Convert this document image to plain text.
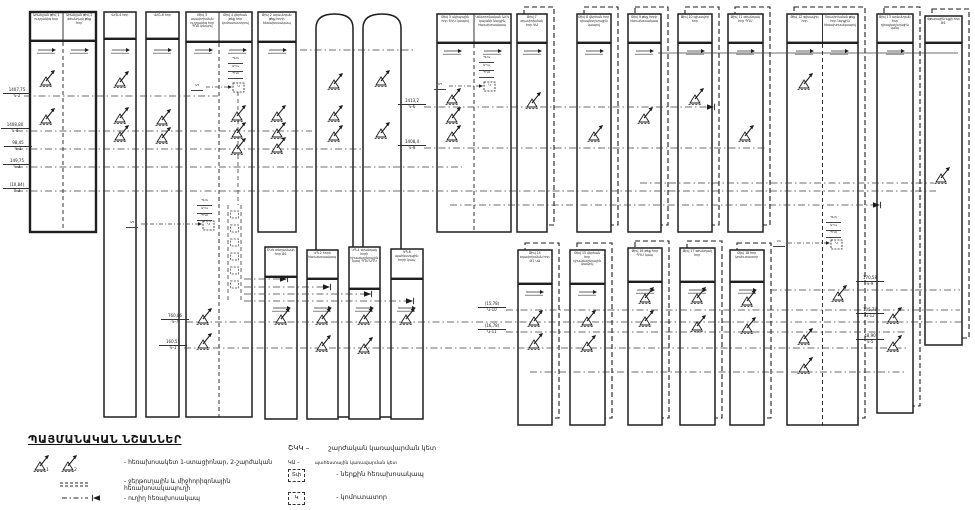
Արևելյան թիվ 1 ուղղաձիգ հոր
Արևելյան թիվ 2 օժանդակ թեք հոր
ՎՀՇ-4 հոր	ՎՀՇ-6 հոր	Թիվ 3 օդափոխման ուղղաձիգ հոր ՊՂՍ կապով
Թիվ 4 վերհան թեք հոր կոմուտատորով
Թիվ 2 արևմտյան թեք հորի հեռախոսակապ
Թիվ 5 սկիպային հոր ՇԿԿ կապով
Կենտրոնական ԱՀԿ կայանի ներքին հեռախոսակապ
Թիվ 7 օդափոխման հոր ԿԱ
Թիվ 8 վերհան հոր դիսպետչերային կապով
Թիվ 9 թեք հորի հեռախոսակապ
Թիվ 10 գլխավոր հոր
Թիվ 11 օժանդակ հոր ՊՂՍ
Թիվ 12 գլխավոր հոր
Օդափոխման թեք հոր ներքին հեռախոսակապով
Թիվ 13 արևմտյան հոր դիսպետչերային կապ
Վթարային ելքի հոր Թ1
ՇԿԿ տեղամասի հոր Թ1	ԿՊ-2 հորի հեռախոսակապ
ԿՊ-4 օժանդակ հորի դիսպետչերային կապ ՊՂՍ ԱԴԿ
ԿՊ-6 պահեստային հորի կապ
Թիվ 14 օդափոխման հոր Թ1 ԿԱ
Թիվ 15 վերհան հոր դիսպետչերային կապով
Թիվ 16 թեք հոր ՊՂՍ կապ
Թիվ 17 օժանդակ հոր	Թիվ 18 հոր կոմուտատոր
1407,75
Կ-2
1408,80
Կ-4
98,45
Կ-1
149,75
Կ-3
(10,84)
0-3
1413,2
Կ-6
1408,4
Կ-8
170,58
Կ-9
(15,78)
Կ-10
(16,78)
Կ-11
760,86
Կ-7
105,78
Կ-12
160,55
Կ-1
48,90
Կ-5
ՊՍԿ
ԱԴԿ
ՊՂՍ
Կ
ԿՊ
ՊՍԿ
ԱԴԿ
ՊՂՍ
Կ
ԿՊ
ՊՍԿ
ԱԴԿ
ՊՂՍ
Կ
ԿՊ
ՊՍԿ
ԱԴԿ
ՊՂՍ
Կ
ԲՍ
ՊԱՅՄԱՆԱԿԱՆ ՆՇԱՆՆԵՐ
1	2
- հեռախոսակետ 1-ստացիոնար, 2-շարժական
- ջերթուղային և միջհորիզոնային հեռախոսակապուղի
- ուղիղ հեռախոսակապ
ՇԿԿ –	շարժական կառավարման կետ
ԿԱ –	պահեստային կառավարման կետ
Տփ	- ներքին հեռախոսակապ
Կ	- կոմուտատոր
